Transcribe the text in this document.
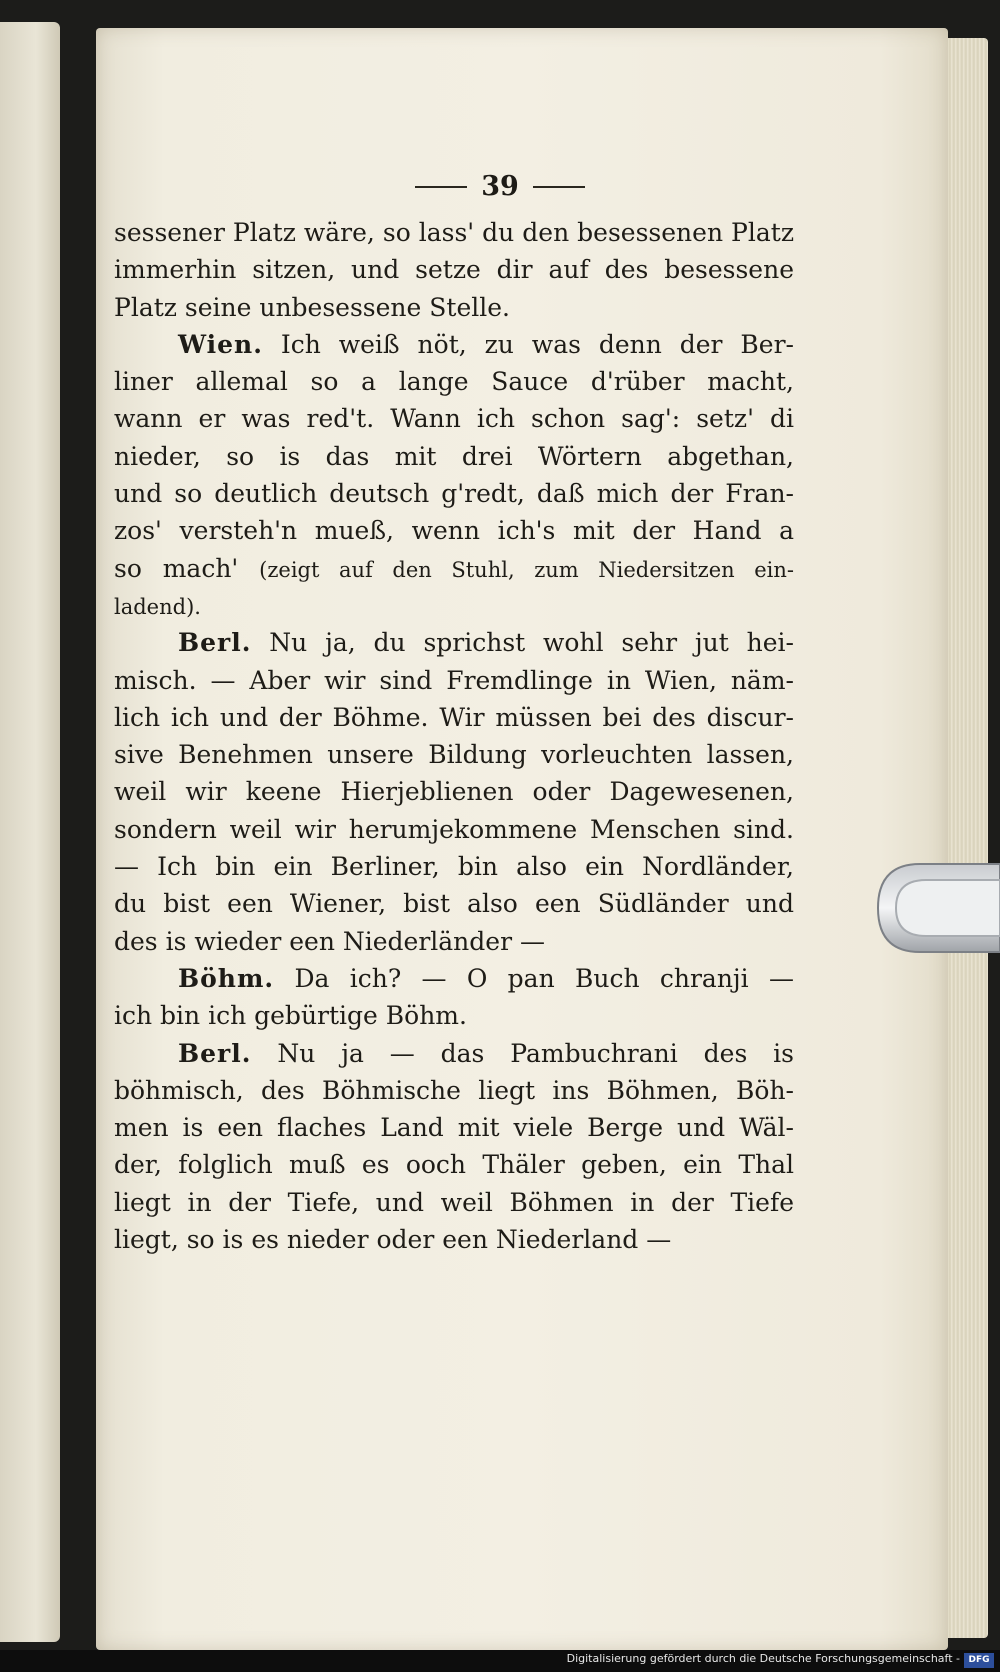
39
sessener Platz wäre, so lass' du den besessenen Platz
immerhin sitzen, und setze dir auf des besessene
Platz seine unbesessene Stelle.
Wien. Ich weiß nöt, zu was denn der Ber-
liner allemal so a lange Sauce d'rüber macht,
wann er was red't. Wann ich schon sag': setz' di
nieder, so is das mit drei Wörtern abgethan,
und so deutlich deutsch g'redt, daß mich der Fran-
zos' versteh'n mueß, wenn ich's mit der Hand a
so mach' (zeigt auf den Stuhl, zum Niedersitzen ein-
ladend).
Berl. Nu ja, du sprichst wohl sehr jut hei-
misch. — Aber wir sind Fremdlinge in Wien, näm-
lich ich und der Böhme. Wir müssen bei des discur-
sive Benehmen unsere Bildung vorleuchten lassen,
weil wir keene Hierjeblienen oder Dagewesenen,
sondern weil wir herumjekommene Menschen sind.
— Ich bin ein Berliner, bin also ein Nordländer,
du bist een Wiener, bist also een Südländer und
des is wieder een Niederländer —
Böhm. Da ich? — O pan Buch chranji —
ich bin ich gebürtige Böhm.
Berl. Nu ja — das Pambuchrani des is
böhmisch, des Böhmische liegt ins Böhmen, Böh-
men is een flaches Land mit viele Berge und Wäl-
der, folglich muß es ooch Thäler geben, ein Thal
liegt in der Tiefe, und weil Böhmen in der Tiefe
liegt, so is es nieder oder een Niederland —
Digitalisierung gefördert durch die Deutsche Forschungsgemeinschaft - DFG
